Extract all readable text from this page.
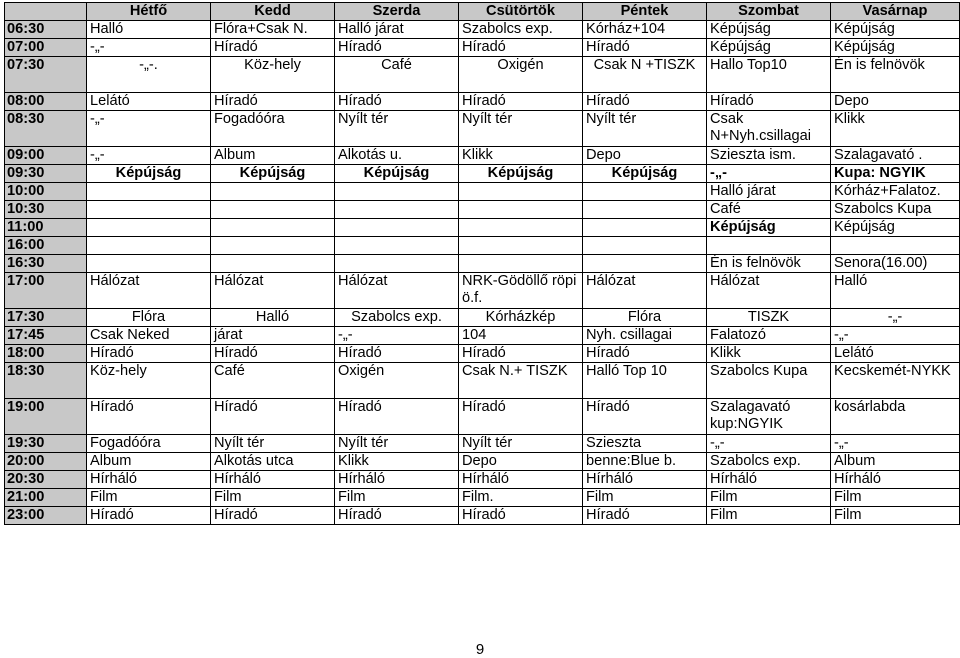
	Hétfő	Kedd	Szerda	Csütörtök	Péntek	Szombat	Vasárnap
06:30	Halló	Flóra+Csak N.	Halló járat	Szabolcs exp.	Kórház+104	Képújság	Képújság
07:00	-„-	Híradó	Híradó	Híradó	Híradó	Képújság	Képújság
07:30	-„-.	Köz-hely	Café	Oxigén	Csak N +TISZK	Hallo Top10	Én is felnövök
08:00	Lelátó	Híradó	Híradó	Híradó	Híradó	Híradó	Depo
08:30	-„-	Fogadóóra	Nyílt tér	Nyílt tér	Nyílt tér	Csak N+Nyh.csillagai	Klikk
09:00	-„-	Album	Alkotás u.	Klikk	Depo	Szieszta ism.	Szalagavató .
09:30	Képújság	Képújság	Képújság	Képújság	Képújság	-„-	Kupa: NGYIK
10:00						Halló járat	Kórház+Falatoz.
10:30						Café	Szabolcs Kupa
11:00						Képújság	Képújság
16:00							
16:30						Én is felnövök	Senora(16.00)
17:00	Hálózat	Hálózat	Hálózat	NRK-Gödöllő röpi ö.f.	Hálózat	Hálózat	Halló
17:30	Flóra	Halló	Szabolcs exp.	Kórházkép	Flóra	TISZK	-„-
17:45	Csak Neked	járat	-„-	104	Nyh. csillagai	Falatozó	-„-
18:00	Híradó	Híradó	Híradó	Híradó	Híradó	Klikk	Lelátó
18:30	Köz-hely	Café	Oxigén	Csak N.+ TISZK	Halló Top 10	Szabolcs Kupa	Kecskemét-NYKK
19:00	Híradó	Híradó	Híradó	Híradó	Híradó	Szalagavató kup:NGYIK	kosárlabda
19:30	Fogadóóra	Nyílt tér	Nyílt tér	Nyílt tér	Szieszta	-„-	-„-
20:00	Album	Alkotás utca	Klikk	Depo	benne:Blue b.	Szabolcs exp.	Album
20:30	Hírháló	Hírháló	Hírháló	Hírháló	Hírháló	Hírháló	Hírháló
21:00	Film	Film	Film	Film.	Film	Film	Film
23:00	Híradó	Híradó	Híradó	Híradó	Híradó	Film	Film
9
